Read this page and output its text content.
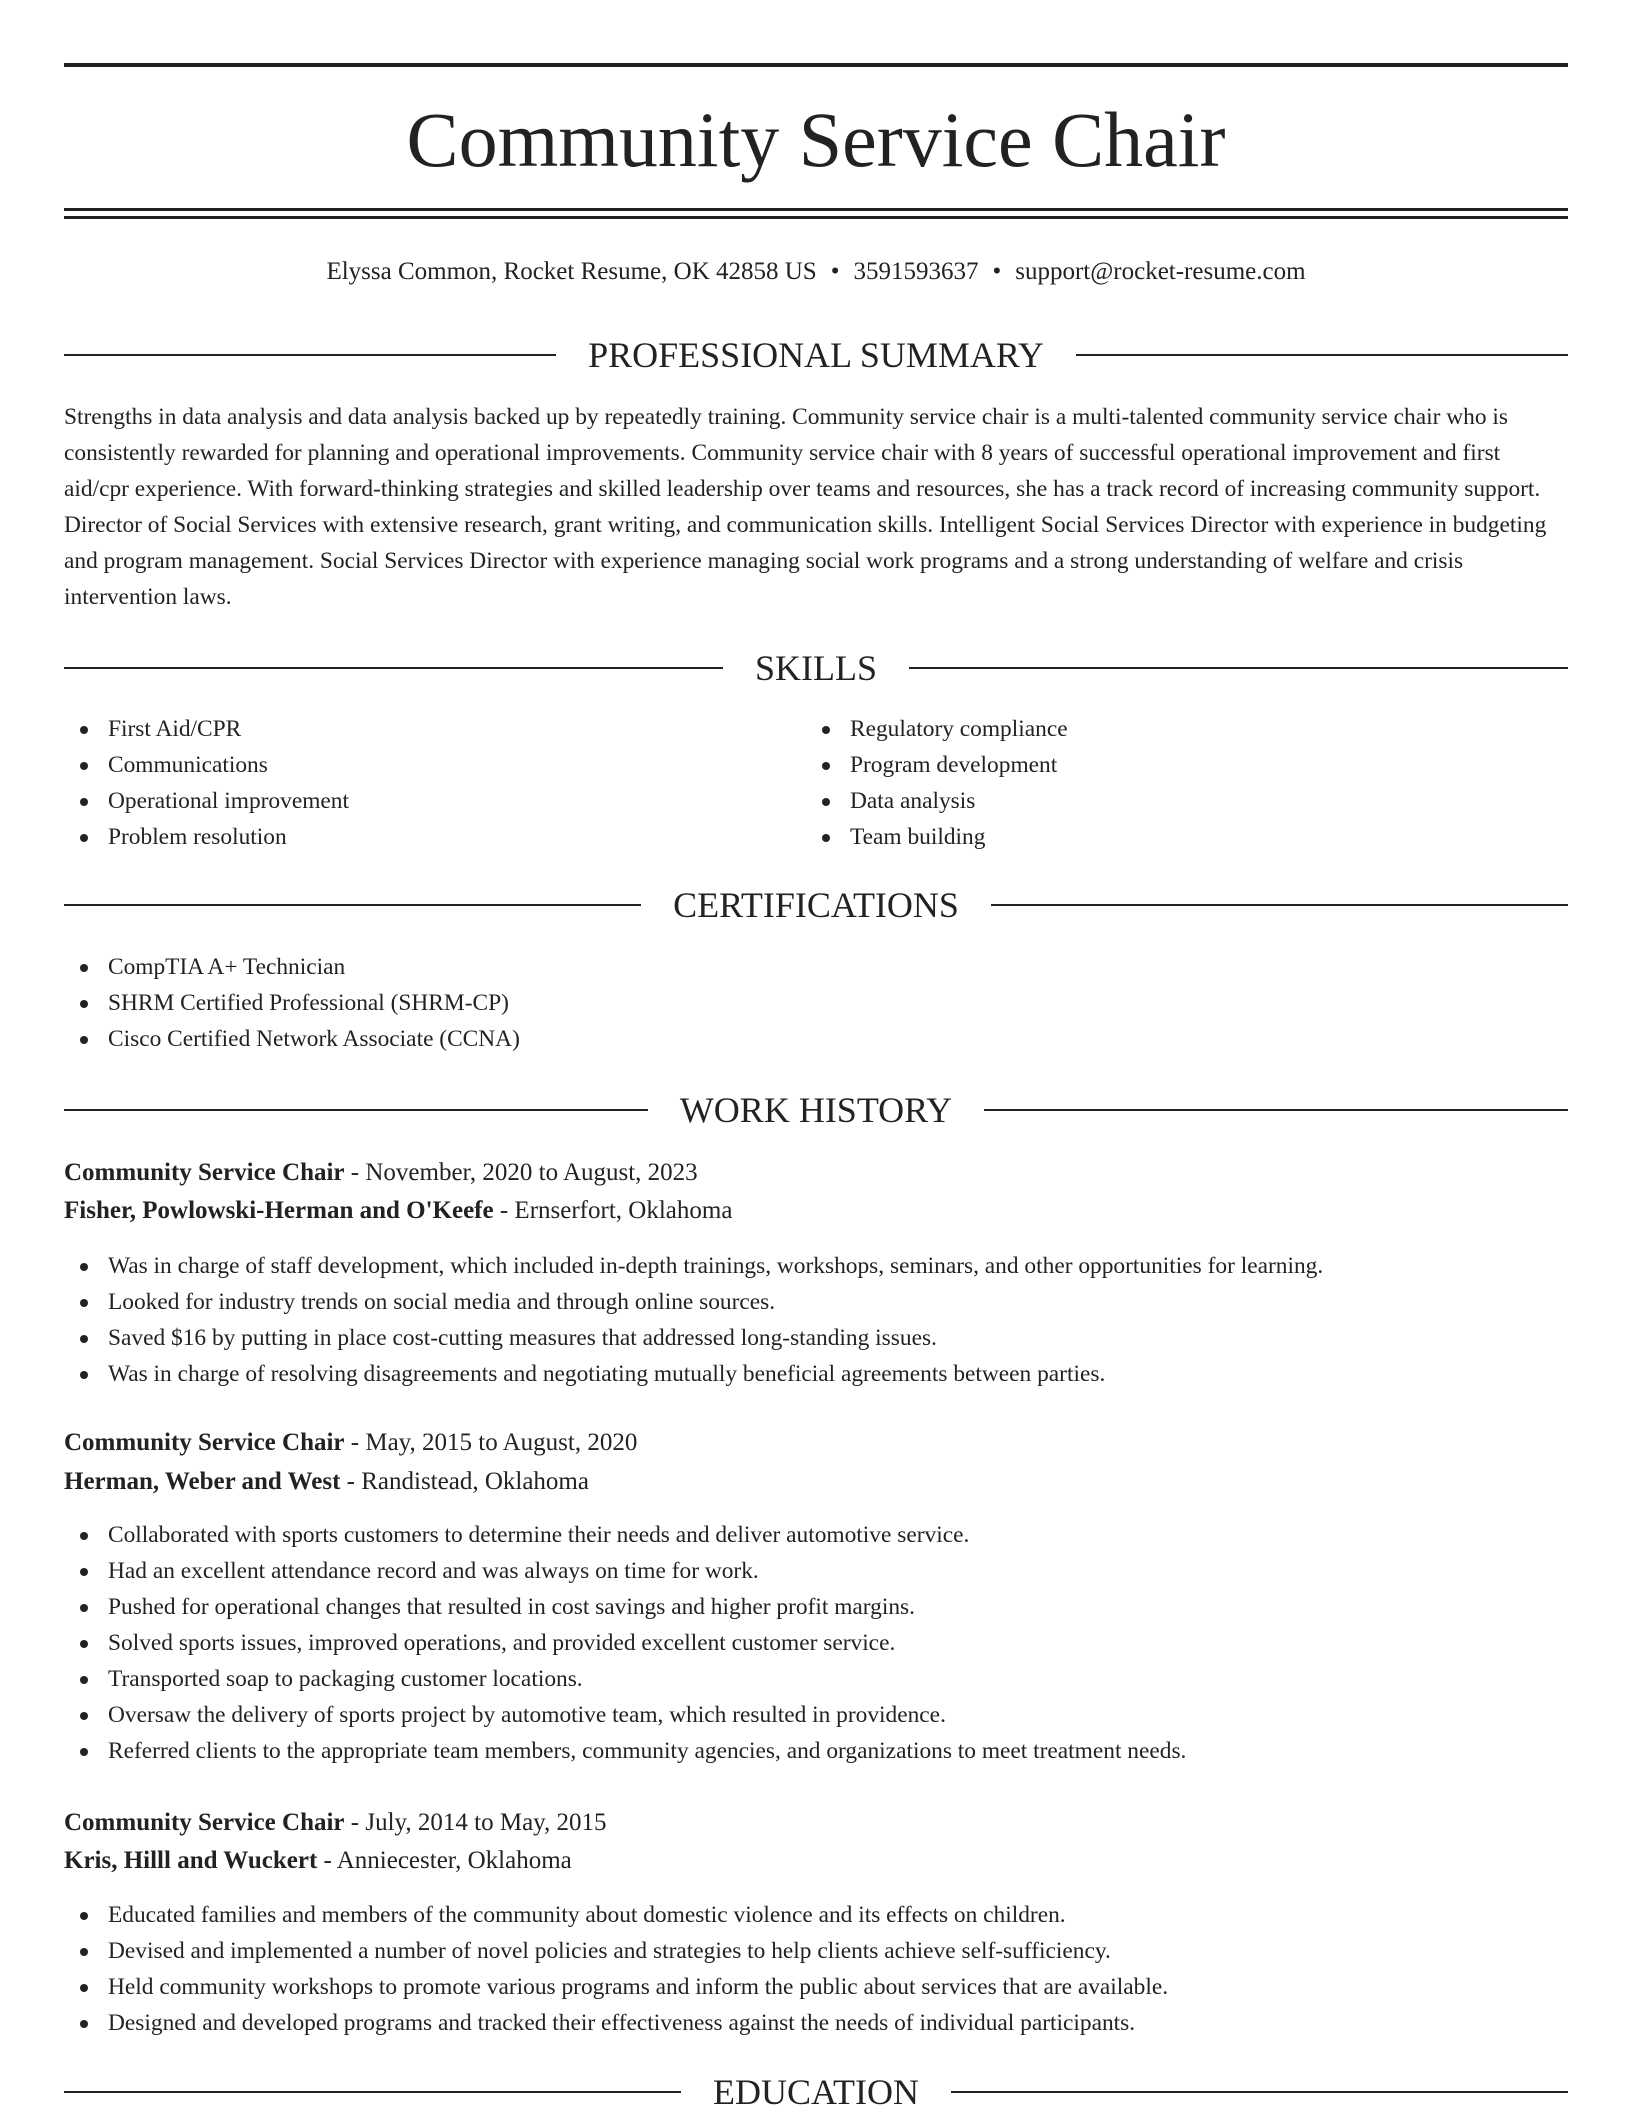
Community Service Chair
Elyssa Common, Rocket Resume, OK 42858 US • 3591593637 • support@rocket-resume.com
PROFESSIONAL SUMMARY

Strengths in data analysis and data analysis backed up by repeatedly training. Community service chair is a multi-talented community service chair who is consistently rewarded for planning and operational improvements. Community service chair with 8 years of successful operational improvement and first aid/cpr experience. With forward-thinking strategies and skilled leadership over teams and resources, she has a track record of increasing community support. Director of Social Services with extensive research, grant writing, and communication skills. Intelligent Social Services Director with experience in budgeting and program management. Social Services Director with experience managing social work programs and a strong understanding of welfare and crisis intervention laws.

SKILLS
First Aid/CPR
Communications
Operational improvement
Problem resolution
Regulatory compliance
Program development
Data analysis
Team building
CERTIFICATIONS
CompTIA A+ Technician
SHRM Certified Professional (SHRM-CP)
Cisco Certified Network Associate (CCNA)
WORK HISTORY
Community Service Chair - November, 2020 to August, 2023
Fisher, Powlowski-Herman and O'Keefe - Ernserfort, Oklahoma
Was in charge of staff development, which included in-depth trainings, workshops, seminars, and other opportunities for learning.
Looked for industry trends on social media and through online sources.
Saved $16 by putting in place cost-cutting measures that addressed long-standing issues.
Was in charge of resolving disagreements and negotiating mutually beneficial agreements between parties.
Community Service Chair - May, 2015 to August, 2020
Herman, Weber and West - Randistead, Oklahoma
Collaborated with sports customers to determine their needs and deliver automotive service.
Had an excellent attendance record and was always on time for work.
Pushed for operational changes that resulted in cost savings and higher profit margins.
Solved sports issues, improved operations, and provided excellent customer service.
Transported soap to packaging customer locations.
Oversaw the delivery of sports project by automotive team, which resulted in providence.
Referred clients to the appropriate team members, community agencies, and organizations to meet treatment needs.
Community Service Chair - July, 2014 to May, 2015
Kris, Hilll and Wuckert - Anniecester, Oklahoma
Educated families and members of the community about domestic violence and its effects on children.
Devised and implemented a number of novel policies and strategies to help clients achieve self-sufficiency.
Held community workshops to promote various programs and inform the public about services that are available.
Designed and developed programs and tracked their effectiveness against the needs of individual participants.
EDUCATION
